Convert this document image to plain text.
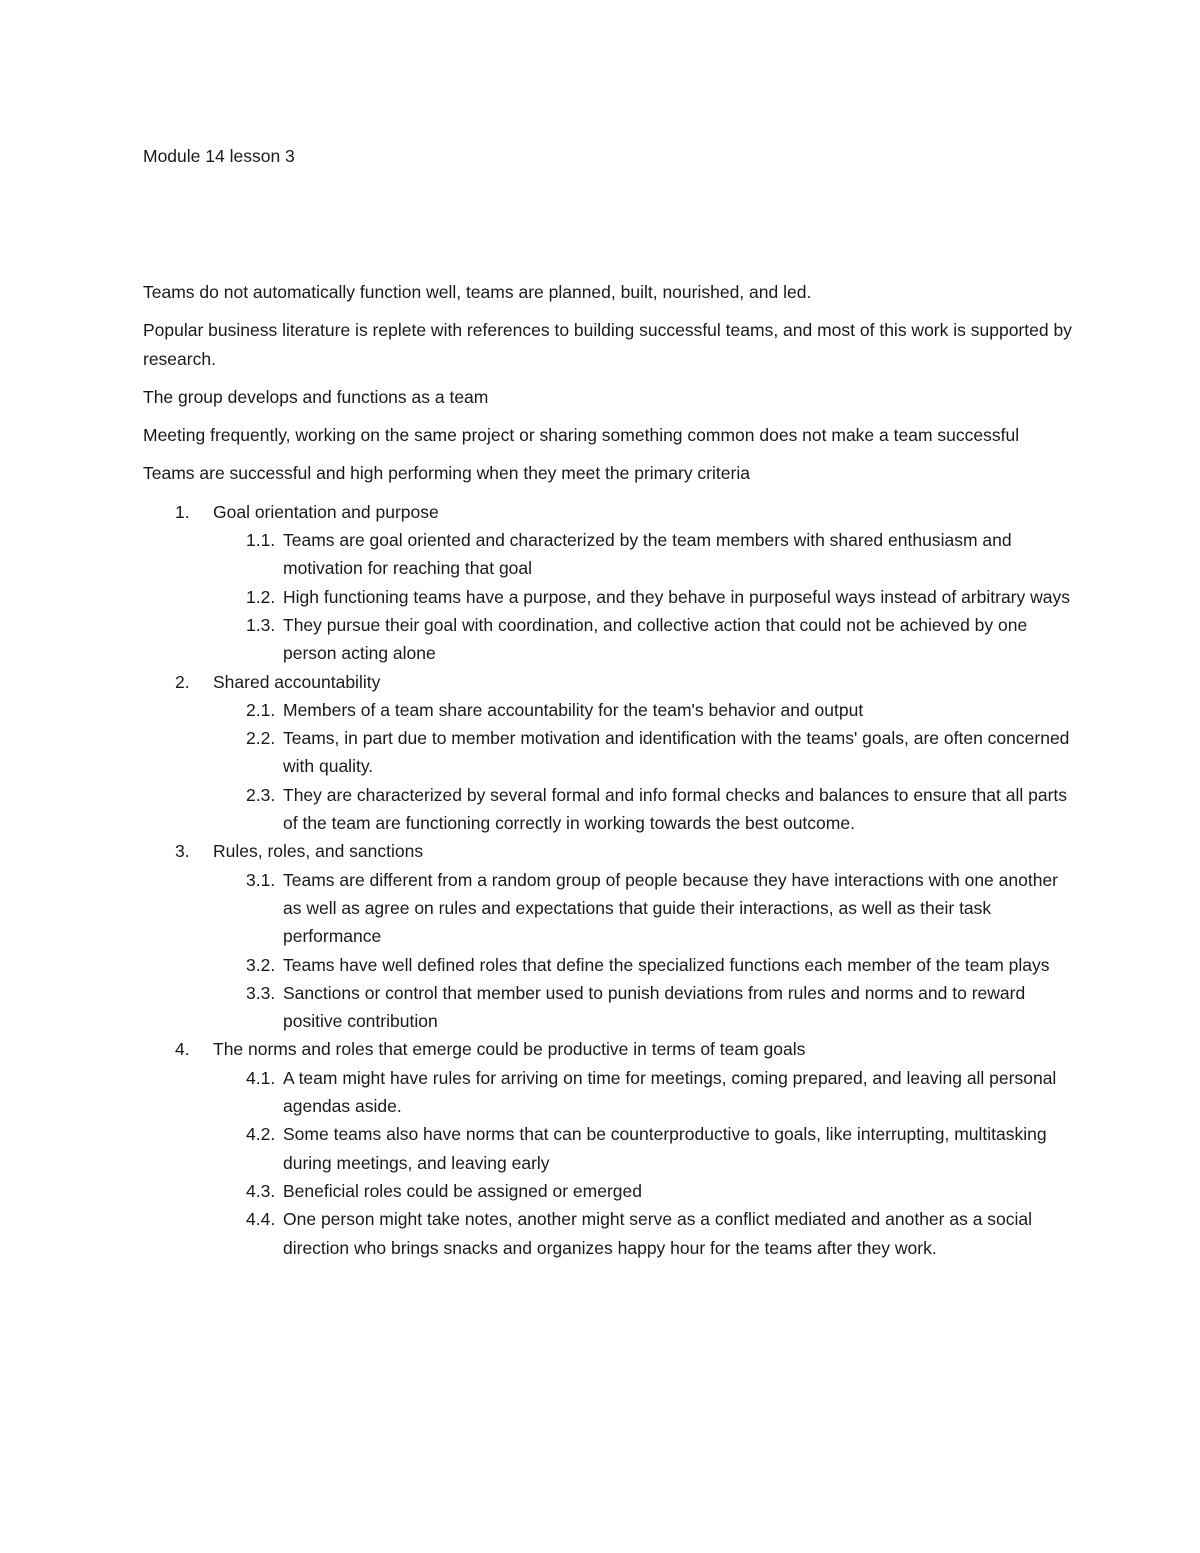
Module 14 lesson 3

Teams do not automatically function well, teams are planned, built, nourished, and led.

Popular business literature is replete with references to building successful teams, and most of this work is supported by research.

The group develops and functions as a team

Meeting frequently, working on the same project or sharing something common does not make a team successful

Teams are successful and high performing when they meet the primary criteria

1. Goal orientation and purpose
1.1. Teams are goal oriented and characterized by the team members with shared enthusiasm and motivation for reaching that goal
1.2. High functioning teams have a purpose, and they behave in purposeful ways instead of arbitrary ways
1.3. They pursue their goal with coordination, and collective action that could not be achieved by one person acting alone
2. Shared accountability
2.1. Members of a team share accountability for the team's behavior and output
2.2. Teams, in part due to member motivation and identification with the teams' goals, are often concerned with quality.
2.3. They are characterized by several formal and info formal checks and balances to ensure that all parts of the team are functioning correctly in working towards the best outcome.
3. Rules, roles, and sanctions
3.1. Teams are different from a random group of people because they have interactions with one another as well as agree on rules and expectations that guide their interactions, as well as their task performance
3.2. Teams have well defined roles that define the specialized functions each member of the team plays
3.3. Sanctions or control that member used to punish deviations from rules and norms and to reward positive contribution
4. The norms and roles that emerge could be productive in terms of team goals
4.1. A team might have rules for arriving on time for meetings, coming prepared, and leaving all personal agendas aside.
4.2. Some teams also have norms that can be counterproductive to goals, like interrupting, multitasking during meetings, and leaving early
4.3. Beneficial roles could be assigned or emerged
4.4. One person might take notes, another might serve as a conflict mediated and another as a social direction who brings snacks and organizes happy hour for the teams after they work.
